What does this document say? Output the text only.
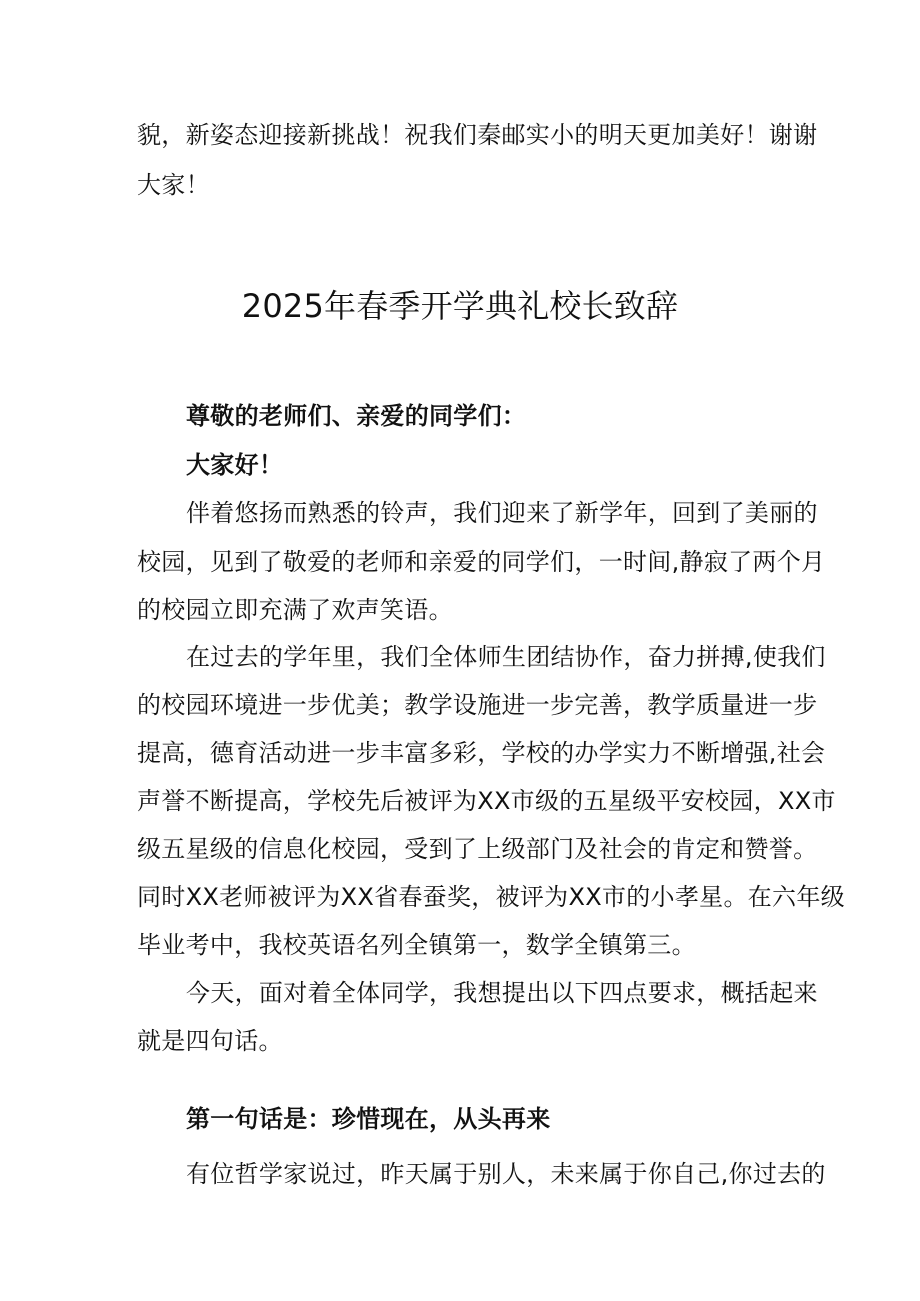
貌，新姿态迎接新挑战！祝我们秦邮实小的明天更加美好！谢谢
大家！
2025年春季开学典礼校长致辞
尊敬的老师们、亲爱的同学们：
大家好！
伴着悠扬而熟悉的铃声，我们迎来了新学年，回到了美丽的
校园，见到了敬爱的老师和亲爱的同学们，一时间,静寂了两个月
的校园立即充满了欢声笑语。
在过去的学年里，我们全体师生团结协作，奋力拼搏,使我们
的校园环境进一步优美；教学设施进一步完善，教学质量进一步
提高，德育活动进一步丰富多彩，学校的办学实力不断增强,社会
声誉不断提高，学校先后被评为XX市级的五星级平安校园，XX市
级五星级的信息化校园，受到了上级部门及社会的肯定和赞誉。
同时XX老师被评为XX省春蚕奖，被评为XX市的小孝星。在六年级
毕业考中，我校英语名列全镇第一，数学全镇第三。
今天，面对着全体同学，我想提出以下四点要求，概括起来
就是四句话。
第一句话是：珍惜现在，从头再来
有位哲学家说过，昨天属于别人，未来属于你自己,你过去的
